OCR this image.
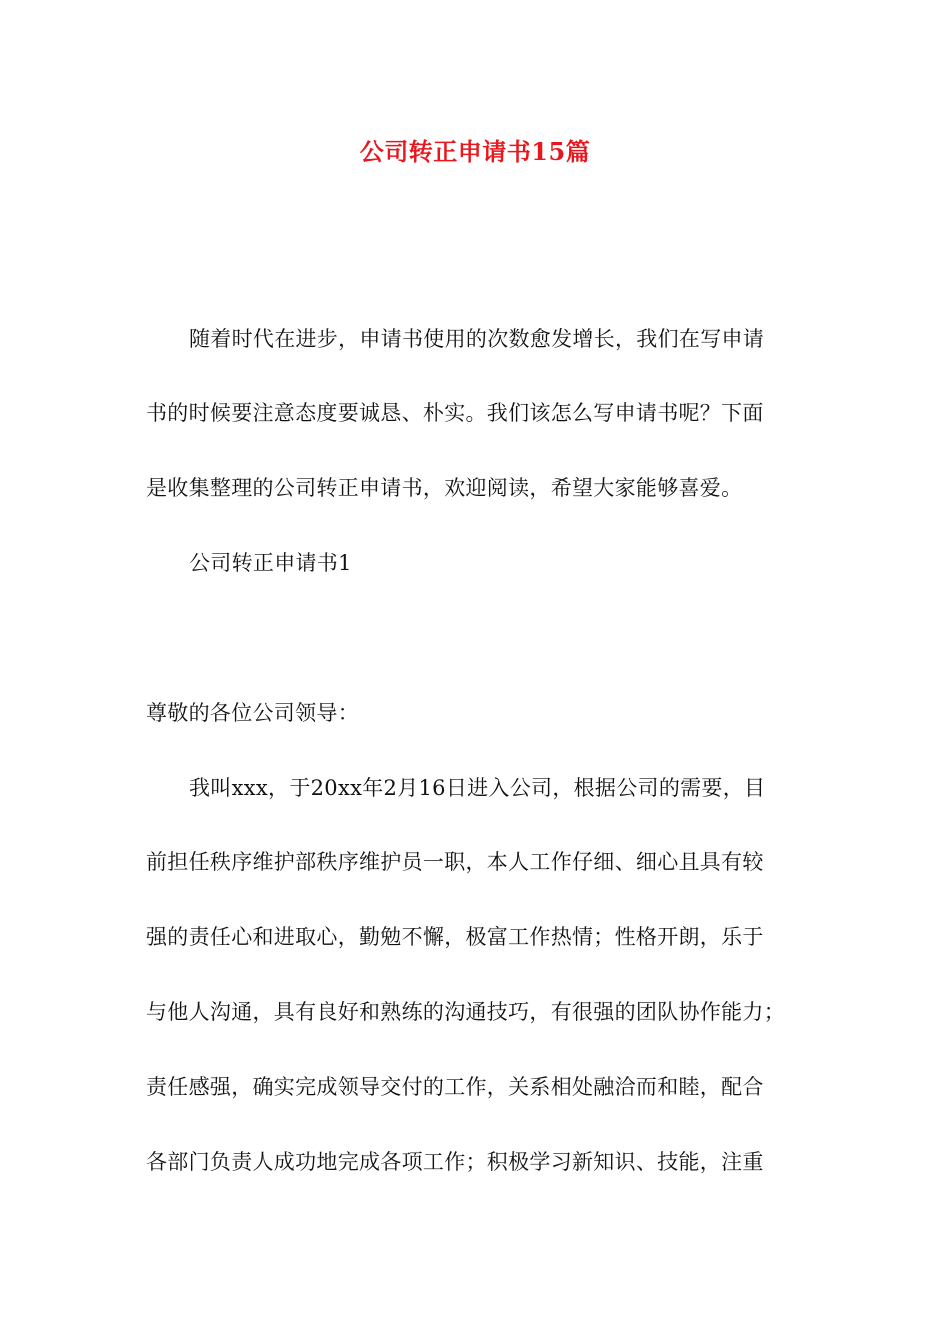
公司转正申请书15篇
随着时代在进步，申请书使用的次数愈发增长，我们在写申请
书的时候要注意态度要诚恳、朴实。我们该怎么写申请书呢？下面
是收集整理的公司转正申请书，欢迎阅读，希望大家能够喜爱。
公司转正申请书1
尊敬的各位公司领导：
我叫xxx，于20xx年2月16日进入公司，根据公司的需要，目
前担任秩序维护部秩序维护员一职，本人工作仔细、细心且具有较
强的责任心和进取心，勤勉不懈，极富工作热情；性格开朗，乐于
与他人沟通，具有良好和熟练的沟通技巧，有很强的团队协作能力；
责任感强，确实完成领导交付的工作，关系相处融洽而和睦，配合
各部门负责人成功地完成各项工作；积极学习新知识、技能，注重
